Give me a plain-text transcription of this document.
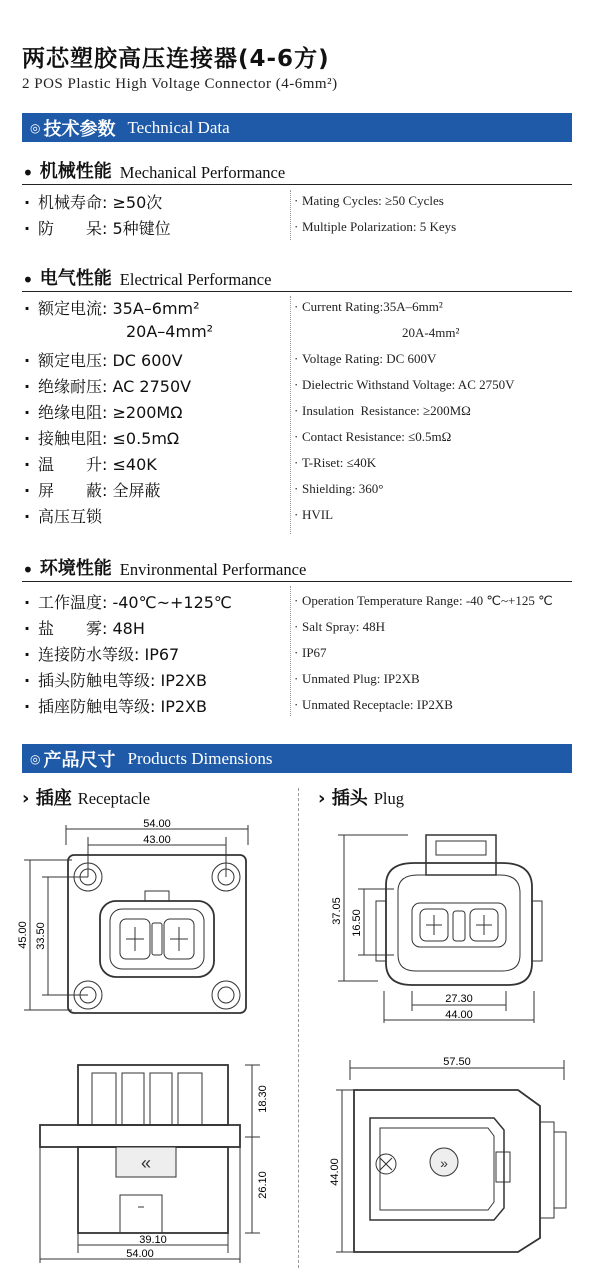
两芯塑胶高压连接器(4-6方)
2 POS Plastic High Voltage Connector (4-6mm²)
◎ 技术参数 Technical Data
• 机械性能 Mechanical Performance
• 电气性能 Electrical Performance
• 环境性能 Environmental Performance
· 机械寿命: ≥50次	· Mating Cycles: ≥50 Cycles
· 防　　呆: 5种键位	· Multiple Polarization: 5 Keys
· 额定电流: 35A–6mm²	· Current Rating:35A–6mm²
20A–4mm²	20A-4mm²
· 额定电压: DC 600V	· Voltage Rating: DC 600V
· 绝缘耐压: AC 2750V	· Dielectric Withstand Voltage: AC 2750V
· 绝缘电阻: ≥200MΩ	· Insulation  Resistance: ≥200MΩ
· 接触电阻: ≤0.5mΩ	· Contact Resistance: ≤0.5mΩ
· 温　　升: ≤40K	· T-Riset: ≤40K
· 屏　　蔽: 全屏蔽	· Shielding: 360°
· 高压互锁	· HVIL
· 工作温度: -40℃~+125℃	· Operation Temperature Range: -40 ℃~+125 ℃
· 盐　　雾: 48H	· Salt Spray: 48H
· 连接防水等级: IP67	· IP67
· 插头防触电等级: IP2XB	· Unmated Plug: IP2XB
· 插座防触电等级: IP2XB	· Unmated Receptacle: IP2XB
◎ 产品尺寸 Products Dimensions
› 插座 Receptacle	› 插头 Plug
54.00
43.00
45.00 33.50
«
18.30
26.10
39.10
54.00
37.05 16.50
27.30
44.00
»
57.50
44.00
